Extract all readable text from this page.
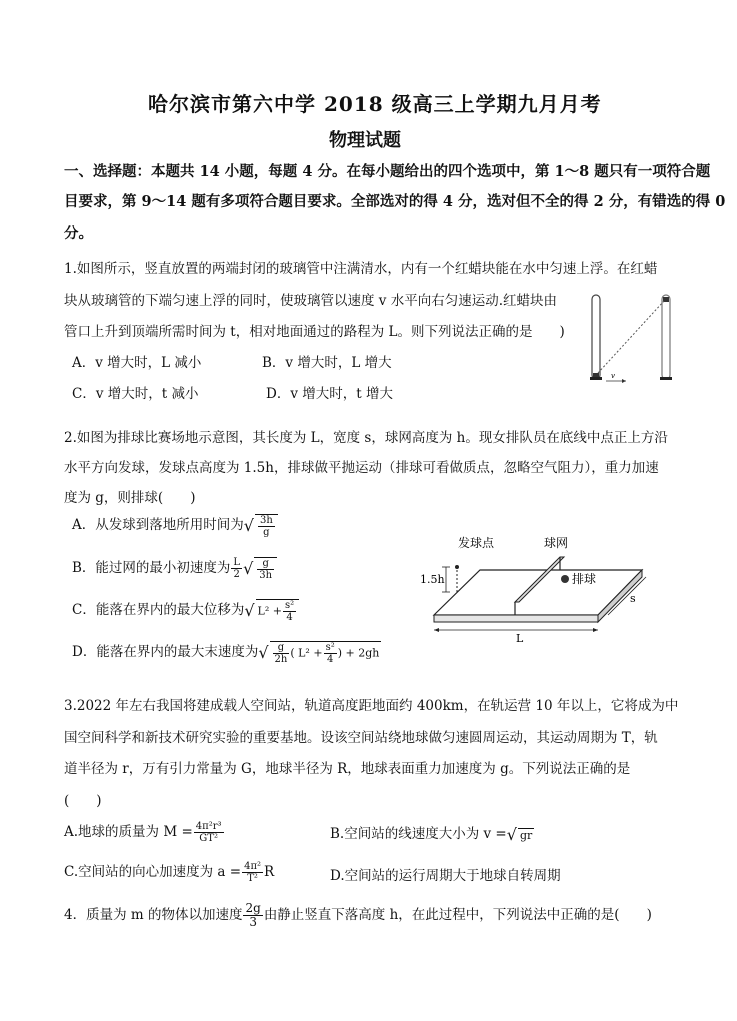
哈尔滨市第六中学 2018 级高三上学期九月月考
物理试题
一、选择题：本题共 14 小题，每题 4 分。在每小题给出的四个选项中，第 1～8 题只有一项符合题
目要求，第 9～14 题有多项符合题目要求。全部选对的得 4 分，选对但不全的得 2 分，有错选的得 0
分。
1.如图所示，竖直放置的两端封闭的玻璃管中注满清水，内有一个红蜡块能在水中匀速上浮。在红蜡
块从玻璃管的下端匀速上浮的同时，使玻璃管以速度 v 水平向右匀速运动.红蜡块由
管口上升到顶端所需时间为 t，相对地面通过的路程为 L。则下列说法正确的是　　)
A．v 增大时，L 减小	B．v 增大时，L 增大
C．v 增大时，t 减小	D．v 增大时，t 增大
v
2.如图为排球比赛场地示意图，其长度为 L，宽度 s，球网高度为 h。现女排队员在底线中点正上方沿
水平方向发球，发球点高度为 1.5h，排球做平抛运动（排球可看做质点，忽略空气阻力），重力加速
度为 g，则排球(　　)
A．从发球到落地所用时间为√ $\frac{3h}{g}$
B．能过网的最小初速度为 $\frac{L}{2}$ √ $\frac{g}{3h}$
C．能落在界内的最大位移为√ $L^2 + \frac{\text{s²}}{4}$
D．能落在界内的最大末速度为√ $\frac{g}{2h}$ ( $L^2 + \frac{\text{s²}}{4}$ ) + 2gh
发球点	球网
排球
1.5h
L
s
3.2022 年左右我国将建成载人空间站，轨道高度距地面约 400km，在轨运营 10 年以上，它将成为中
国空间科学和新技术研究实验的重要基地。设该空间站绕地球做匀速圆周运动，其运动周期为 T，轨
道半径为 r，万有引力常量为 G，地球半径为 R，地球表面重力加速度为 g。下列说法正确的是
(　　)
A.地球的质量为 $M = \frac{\text{4π²r³}}{\text{GT²}}$	B.空间站的线速度大小为 v =√ gr
C.空间站的向心加速度为 $a = \frac{\text{4π²}}{\text{T²}}$ R	D.空间站的运行周期大于地球自转周期
4．质量为 m 的物体以加速度 $\frac{2g}{3}$ 由静止竖直下落高度 h，在此过程中，下列说法中正确的是(　　)
